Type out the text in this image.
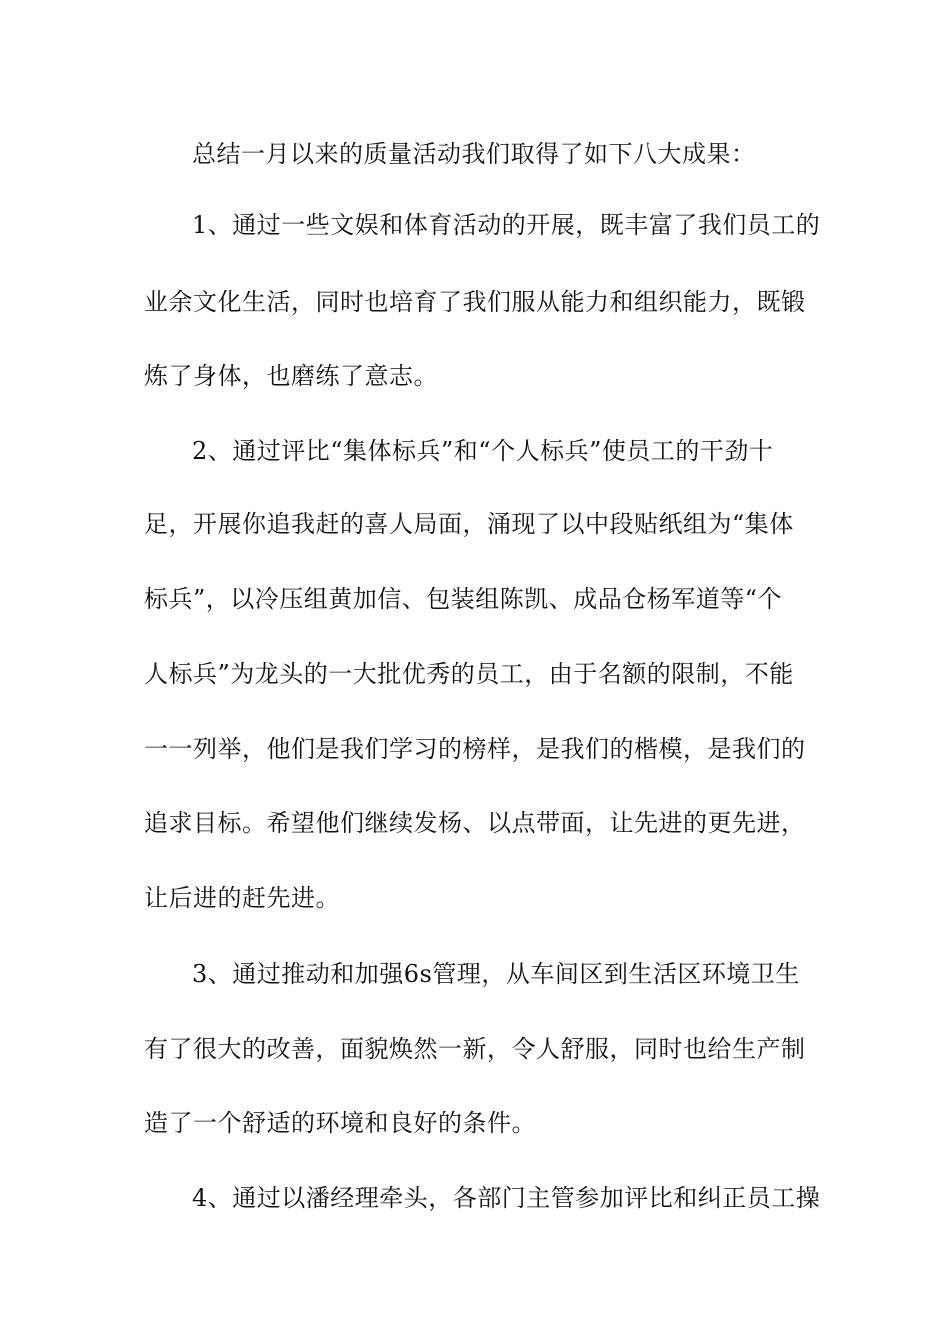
总结一月以来的质量活动我们取得了如下八大成果：
1、通过一些文娱和体育活动的开展，既丰富了我们员工的
业余文化生活，同时也培育了我们服从能力和组织能力，既锻
炼了身体，也磨练了意志。
2、通过评比“集体标兵”和“个人标兵”使员工的干劲十
足，开展你追我赶的喜人局面，涌现了以中段贴纸组为“集体
标兵”，以冷压组黄加信、包装组陈凯、成品仓杨军道等“个
人标兵”为龙头的一大批优秀的员工，由于名额的限制，不能
一一列举，他们是我们学习的榜样，是我们的楷模，是我们的
追求目标。希望他们继续发杨、以点带面，让先进的更先进，
让后进的赶先进。
3、通过推动和加强6s管理，从车间区到生活区环境卫生
有了很大的改善，面貌焕然一新，令人舒服，同时也给生产制
造了一个舒适的环境和良好的条件。
4、通过以潘经理牵头，各部门主管参加评比和纠正员工操
